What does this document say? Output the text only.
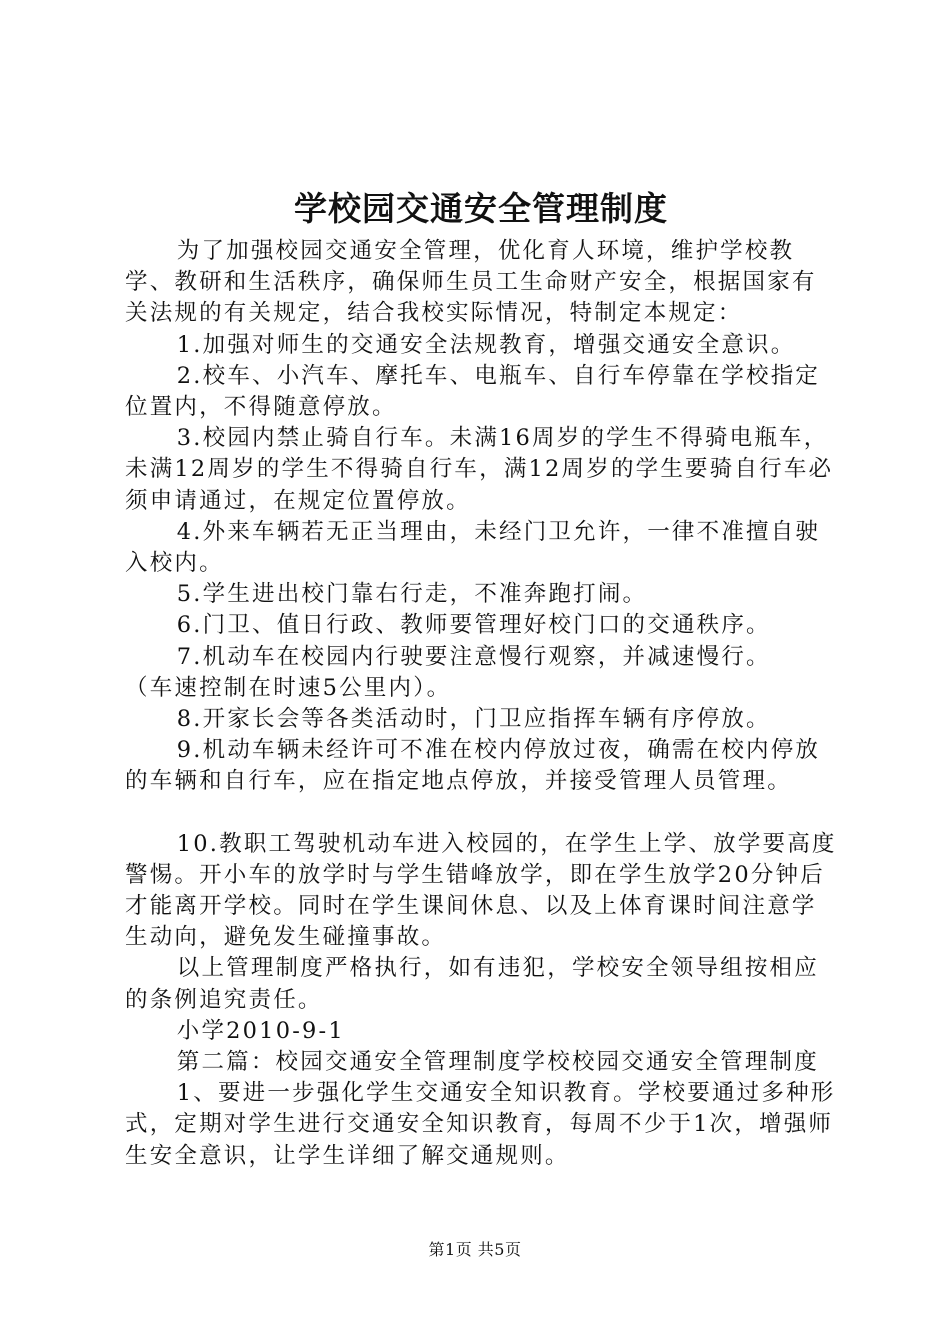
学校园交通安全管理制度

为了加强校园交通安全管理，优化育人环境，维护学校教学、教研和生活秩序，确保师生员工生命财产安全，根据国家有关法规的有关规定，结合我校实际情况，特制定本规定：

1.加强对师生的交通安全法规教育，增强交通安全意识。

2.校车、小汽车、摩托车、电瓶车、自行车停靠在学校指定位置内，不得随意停放。

3.校园内禁止骑自行车。未满16周岁的学生不得骑电瓶车，未满12周岁的学生不得骑自行车，满12周岁的学生要骑自行车必须申请通过，在规定位置停放。

4.外来车辆若无正当理由，未经门卫允许，一律不准擅自驶入校内。

5.学生进出校门靠右行走，不准奔跑打闹。

6.门卫、值日行政、教师要管理好校门口的交通秩序。

7.机动车在校园内行驶要注意慢行观察，并减速慢行。

（车速控制在时速5公里内）。

8.开家长会等各类活动时，门卫应指挥车辆有序停放。

9.机动车辆未经许可不准在校内停放过夜，确需在校内停放的车辆和自行车，应在指定地点停放，并接受管理人员管理。

10.教职工驾驶机动车进入校园的，在学生上学、放学要高度警惕。开小车的放学时与学生错峰放学，即在学生放学20分钟后才能离开学校。同时在学生课间休息、以及上体育课时间注意学生动向，避免发生碰撞事故。

以上管理制度严格执行，如有违犯，学校安全领导组按相应的条例追究责任。

小学2010-9-1

第二篇：校园交通安全管理制度学校校园交通安全管理制度

1、要进一步强化学生交通安全知识教育。学校要通过多种形式，定期对学生进行交通安全知识教育，每周不少于1次，增强师生安全意识，让学生详细了解交通规则。

第1页 共5页
